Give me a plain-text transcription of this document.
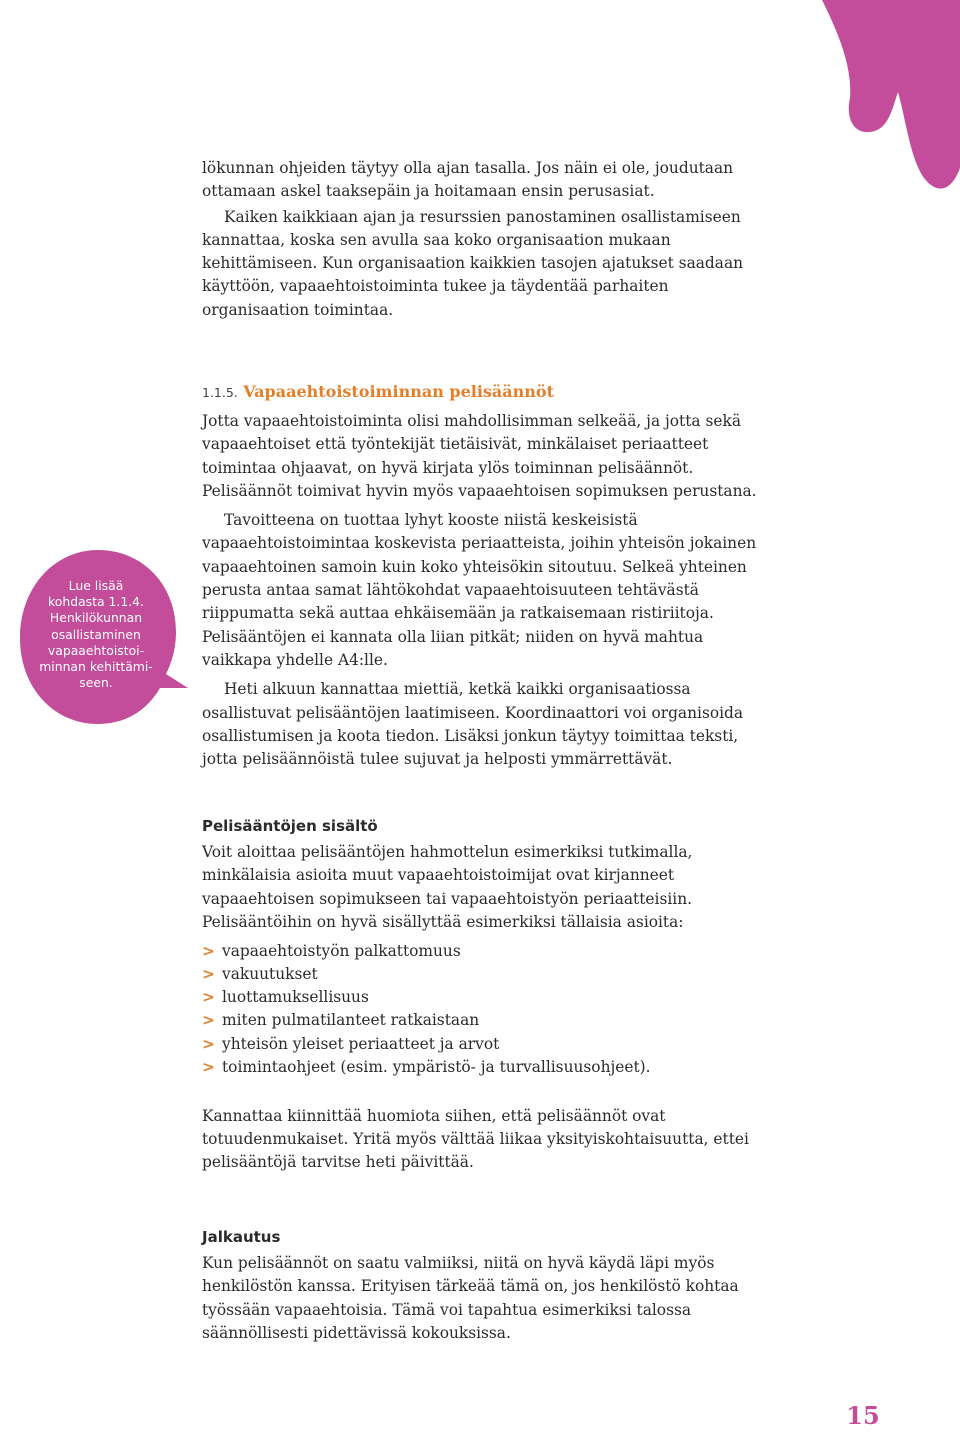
lökunnan ohjeiden täytyy olla ajan tasalla. Jos näin ei ole, joudutaan ottamaan askel taaksepäin ja hoitamaan ensin perusasiat.

Kaiken kaikkiaan ajan ja resurssien panostaminen osallistamiseen kannattaa, koska sen avulla saa koko organisaation mukaan kehittämiseen. Kun organisaation kaikkien tasojen ajatukset saadaan käyttöön, vapaaehtoistoiminta tukee ja täydentää parhaiten organisaation toimintaa.

1.1.5. Vapaaehtoistoiminnan pelisäännöt

Jotta vapaaehtoistoiminta olisi mahdollisimman selkeää, ja jotta sekä vapaaehtoiset että työntekijät tietäisivät, minkälaiset periaatteet toimintaa ohjaavat, on hyvä kirjata ylös toiminnan pelisäännöt. Pelisäännöt toimivat hyvin myös vapaaehtoisen sopimuksen perustana.

Tavoitteena on tuottaa lyhyt kooste niistä keskeisistä vapaaehtoistoimintaa koskevista periaatteista, joihin yhteisön jokainen vapaaehtoinen samoin kuin koko yhteisökin sitoutuu. Selkeä yhteinen perusta antaa samat lähtökohdat vapaaehtoisuuteen tehtävästä riippumatta sekä auttaa ehkäisemään ja ratkaisemaan ristiriitoja. Pelisääntöjen ei kannata olla liian pitkät; niiden on hyvä mahtua vaikkapa yhdelle A4:lle.

Heti alkuun kannattaa miettiä, ketkä kaikki organisaatiossa osallistuvat pelisääntöjen laatimiseen. Koordinaattori voi organisoida osallistumisen ja koota tiedon. Lisäksi jonkun täytyy toimittaa teksti, jotta pelisäännöistä tulee sujuvat ja helposti ymmärrettävät.

Lue lisää
kohdasta 1.1.4.
Henkilökunnan
osallistaminen
vapaaehtoistoi-
minnan kehittämi-
seen.
Pelisääntöjen sisältö

Voit aloittaa pelisääntöjen hahmottelun esimerkiksi tutkimalla, minkälaisia asioita muut vapaaehtoistoimijat ovat kirjanneet vapaaehtoisen sopimukseen tai vapaaehtoistyön periaatteisiin. Pelisääntöihin on hyvä sisällyttää esimerkiksi tällaisia asioita:

> vapaaehtoistyön palkattomuus
> vakuutukset
> luottamuksellisuus
> miten pulmatilanteet ratkaistaan
> yhteisön yleiset periaatteet ja arvot
> toimintaohjeet (esim. ympäristö- ja turvallisuusohjeet).

Kannattaa kiinnittää huomiota siihen, että pelisäännöt ovat totuudenmukaiset. Yritä myös välttää liikaa yksityiskohtaisuutta, ettei pelisääntöjä tarvitse heti päivittää.

Jalkautus

Kun pelisäännöt on saatu valmiiksi, niitä on hyvä käydä läpi myös henkilöstön kanssa. Erityisen tärkeää tämä on, jos henkilöstö kohtaa työssään vapaaehtoisia. Tämä voi tapahtua esimerkiksi talossa säännöllisesti pidettävissä kokouksissa.

15
